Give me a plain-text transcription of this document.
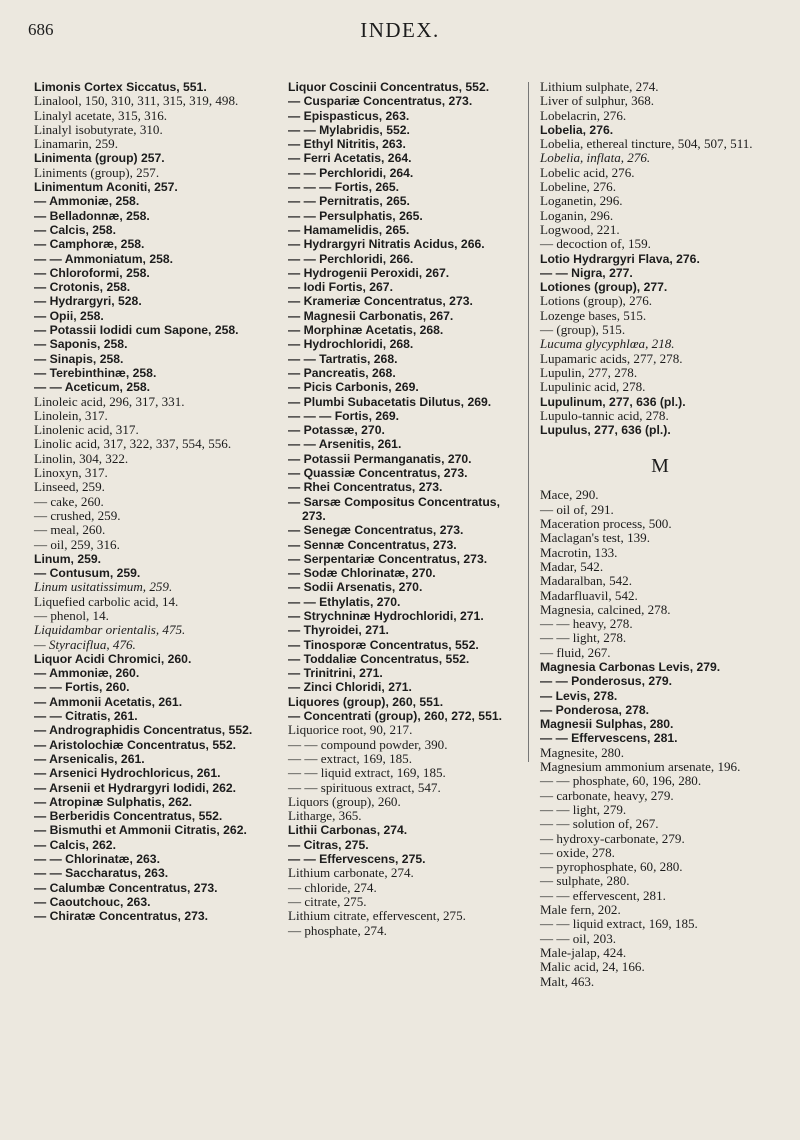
686	INDEX.
Limonis Cortex Siccatus, 551.
Linalool, 150, 310, 311, 315, 319, 498.
Linalyl acetate, 315, 316.
Linalyl isobutyrate, 310.
Linamarin, 259.
Linimenta (group) 257.
Liniments (group), 257.
Linimentum Aconiti, 257.
— Ammoniæ, 258.
— Belladonnæ, 258.
— Calcis, 258.
— Camphoræ, 258.
— — Ammoniatum, 258.
— Chloroformi, 258.
— Crotonis, 258.
— Hydrargyri, 528.
— Opii, 258.
— Potassii Iodidi cum Sapone, 258.
— Saponis, 258.
— Sinapis, 258.
— Terebinthinæ, 258.
— — Aceticum, 258.
Linoleic acid, 296, 317, 331.
Linolein, 317.
Linolenic acid, 317.
Linolic acid, 317, 322, 337, 554, 556.
Linolin, 304, 322.
Linoxyn, 317.
Linseed, 259.
— cake, 260.
— crushed, 259.
— meal, 260.
— oil, 259, 316.
Linum, 259.
— Contusum, 259.
Linum usitatissimum, 259.
Liquefied carbolic acid, 14.
— phenol, 14.
Liquidambar orientalis, 475.
— Styraciflua, 476.
Liquor Acidi Chromici, 260.
— Ammoniæ, 260.
— — Fortis, 260.
— Ammonii Acetatis, 261.
— — Citratis, 261.
— Andrographidis Concentratus, 552.
— Aristolochiæ Concentratus, 552.
— Arsenicalis, 261.
— Arsenici Hydrochloricus, 261.
— Arsenii et Hydrargyri Iodidi, 262.
— Atropinæ Sulphatis, 262.
— Berberidis Concentratus, 552.
— Bismuthi et Ammonii Citratis, 262.
— Calcis, 262.
— — Chlorinatæ, 263.
— — Saccharatus, 263.
— Calumbæ Concentratus, 273.
— Caoutchouc, 263.
— Chiratæ Concentratus, 273.
Liquor Coscinii Concentratus, 552.
— Cuspariæ Concentratus, 273.
— Epispasticus, 263.
— — Mylabridis, 552.
— Ethyl Nitritis, 263.
— Ferri Acetatis, 264.
— — Perchloridi, 264.
— — — Fortis, 265.
— — Pernitratis, 265.
— — Persulphatis, 265.
— Hamamelidis, 265.
— Hydrargyri Nitratis Acidus, 266.
— — Perchloridi, 266.
— Hydrogenii Peroxidi, 267.
— Iodi Fortis, 267.
— Krameriæ Concentratus, 273.
— Magnesii Carbonatis, 267.
— Morphinæ Acetatis, 268.
— Hydrochloridi, 268.
— — Tartratis, 268.
— Pancreatis, 268.
— Picis Carbonis, 269.
— Plumbi Subacetatis Dilutus, 269.
— — — Fortis, 269.
— Potassæ, 270.
— — Arsenitis, 261.
— Potassii Permanganatis, 270.
— Quassiæ Concentratus, 273.
— Rhei Concentratus, 273.
— Sarsæ Compositus Concentratus, 273.
— Senegæ Concentratus, 273.
— Sennæ Concentratus, 273.
— Serpentariæ Concentratus, 273.
— Sodæ Chlorinatæ, 270.
— Sodii Arsenatis, 270.
— — Ethylatis, 270.
— Strychninæ Hydrochloridi, 271.
— Thyroidei, 271.
— Tinosporæ Concentratus, 552.
— Toddaliæ Concentratus, 552.
— Trinitrini, 271.
— Zinci Chloridi, 271.
Liquores (group), 260, 551.
— Concentrati (group), 260, 272, 551.
Liquorice root, 90, 217.
— — compound powder, 390.
— — extract, 169, 185.
— — liquid extract, 169, 185.
— — spirituous extract, 547.
Liquors (group), 260.
Litharge, 365.
Lithii Carbonas, 274.
— Citras, 275.
— — Effervescens, 275.
Lithium carbonate, 274.
— chloride, 274.
— citrate, 275.
Lithium citrate, effervescent, 275.
— phosphate, 274.
Lithium sulphate, 274.
Liver of sulphur, 368.
Lobelacrin, 276.
Lobelia, 276.
Lobelia, ethereal tincture, 504, 507, 511.
Lobelia, inflata, 276.
Lobelic acid, 276.
Lobeline, 276.
Loganetin, 296.
Loganin, 296.
Logwood, 221.
— decoction of, 159.
Lotio Hydrargyri Flava, 276.
— — Nigra, 277.
Lotiones (group), 277.
Lotions (group), 276.
Lozenge bases, 515.
— (group), 515.
Lucuma glycyphlœa, 218.
Lupamaric acids, 277, 278.
Lupulin, 277, 278.
Lupulinic acid, 278.
Lupulinum, 277, 636 (pl.).
Lupulo-tannic acid, 278.
Lupulus, 277, 636 (pl.).
M
Mace, 290.
— oil of, 291.
Maceration process, 500.
Maclagan's test, 139.
Macrotin, 133.
Madar, 542.
Madaralban, 542.
Madarfluavil, 542.
Magnesia, calcined, 278.
— — heavy, 278.
— — light, 278.
— fluid, 267.
Magnesia Carbonas Levis, 279.
— — Ponderosus, 279.
— Levis, 278.
— Ponderosa, 278.
Magnesii Sulphas, 280.
— — Effervescens, 281.
Magnesite, 280.
Magnesium ammonium arsenate, 196.
— — phosphate, 60, 196, 280.
— carbonate, heavy, 279.
— — light, 279.
— — solution of, 267.
— hydroxy-carbonate, 279.
— oxide, 278.
— pyrophosphate, 60, 280.
— sulphate, 280.
— — effervescent, 281.
Male fern, 202.
— — liquid extract, 169, 185.
— — oil, 203.
Male-jalap, 424.
Malic acid, 24, 166.
Malt, 463.
